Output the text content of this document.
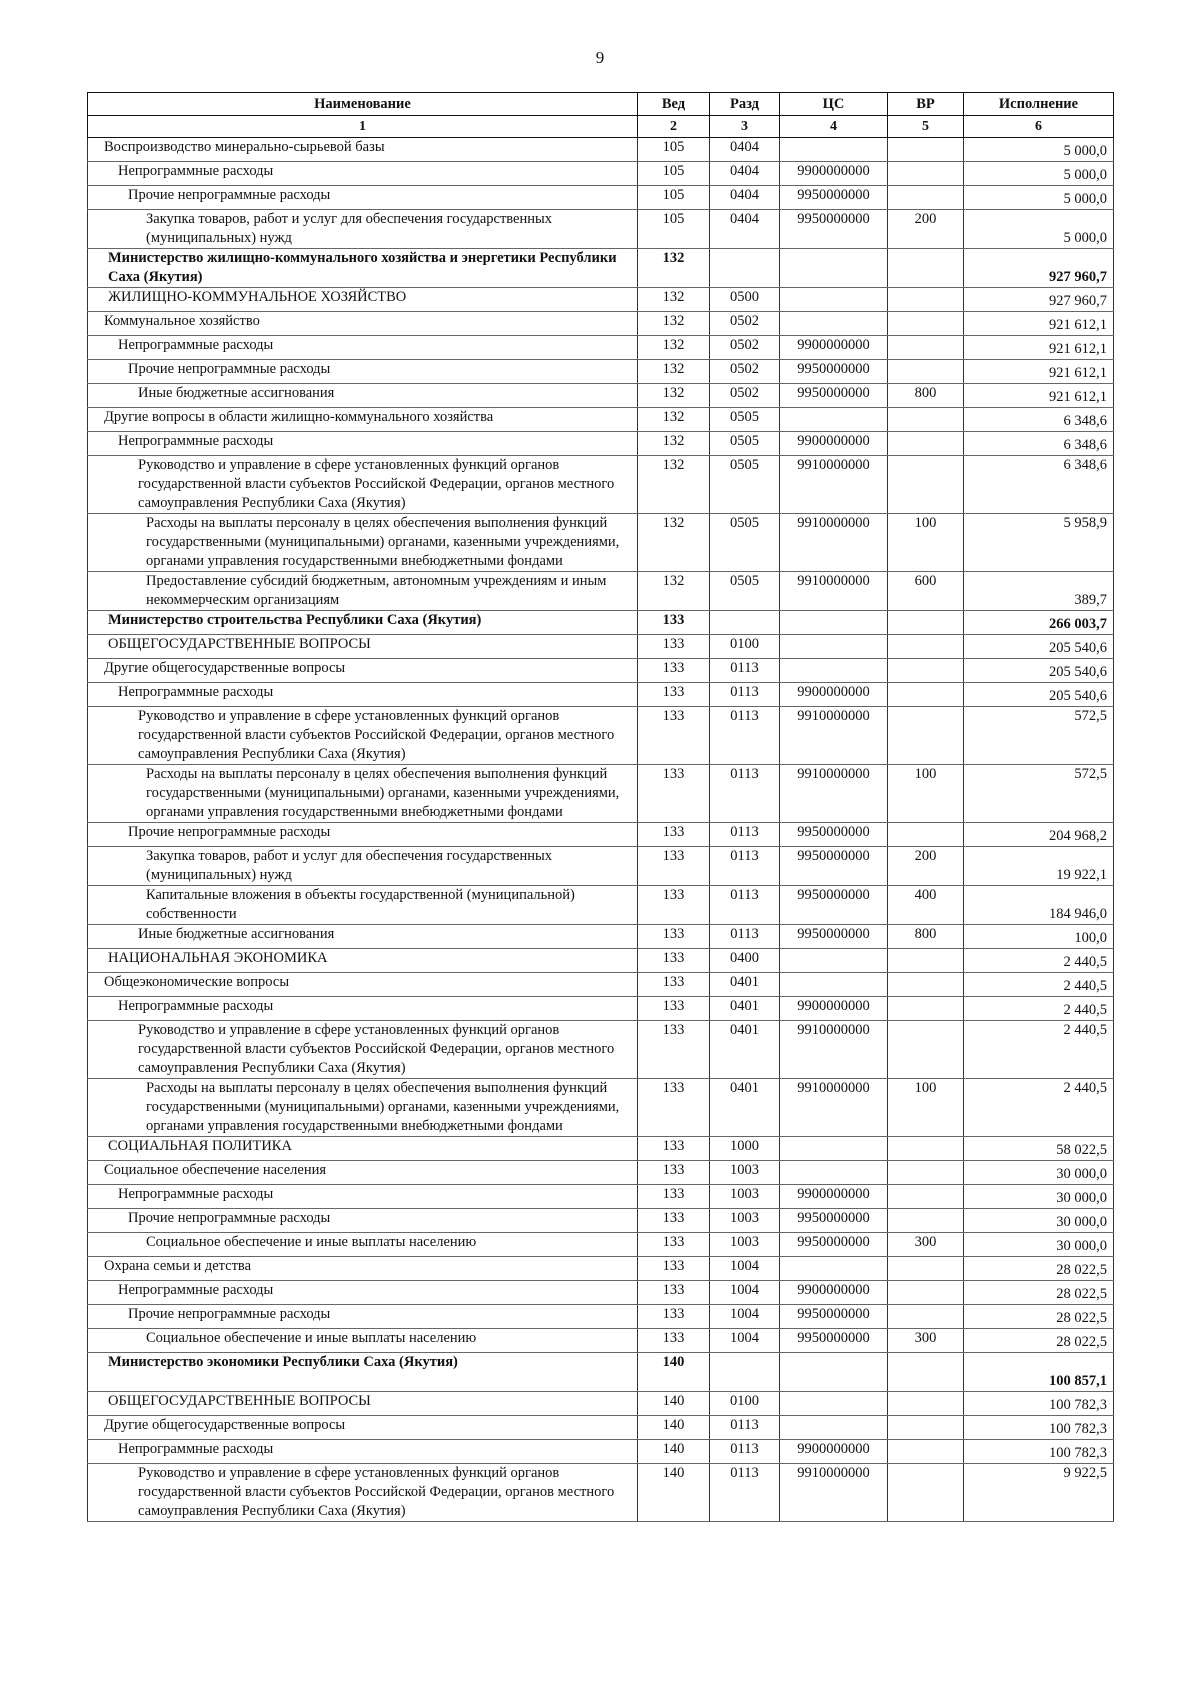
9
Наименование	Вед	Разд	ЦС	ВР	Исполнение
1	2	3	4	5	6
Воспроизводство минерально-сырьевой базы	105	0404			5 000,0
Непрограммные расходы	105	0404	9900000000		5 000,0
Прочие непрограммные расходы	105	0404	9950000000		5 000,0
Закупка товаров, работ и услуг для обеспечения государственных (муниципальных) нужд	105	0404	9950000000	200	5 000,0
Министерство жилищно-коммунального хозяйства и энергетики Республики Саха (Якутия)	132				927 960,7
ЖИЛИЩНО-КОММУНАЛЬНОЕ ХОЗЯЙСТВО	132	0500			927 960,7
Коммунальное хозяйство	132	0502			921 612,1
Непрограммные расходы	132	0502	9900000000		921 612,1
Прочие непрограммные расходы	132	0502	9950000000		921 612,1
Иные бюджетные ассигнования	132	0502	9950000000	800	921 612,1
Другие вопросы в области жилищно-коммунального хозяйства	132	0505			6 348,6
Непрограммные расходы	132	0505	9900000000		6 348,6
Руководство и управление в сфере установленных функций органов государственной власти субъектов Российской Федерации, органов местного самоуправления Республики Саха (Якутия)	132	0505	9910000000		6 348,6
Расходы на выплаты персоналу в целях обеспечения выполнения функций государственными (муниципальными) органами, казенными учреждениями, органами управления государственными внебюджетными фондами	132	0505	9910000000	100	5 958,9
Предоставление субсидий бюджетным, автономным учреждениям и иным некоммерческим организациям	132	0505	9910000000	600	389,7
Министерство строительства Республики Саха (Якутия)	133				266 003,7
ОБЩЕГОСУДАРСТВЕННЫЕ ВОПРОСЫ	133	0100			205 540,6
Другие общегосударственные вопросы	133	0113			205 540,6
Непрограммные расходы	133	0113	9900000000		205 540,6
Руководство и управление в сфере установленных функций органов государственной власти субъектов Российской Федерации, органов местного самоуправления Республики Саха (Якутия)	133	0113	9910000000		572,5
Расходы на выплаты персоналу в целях обеспечения выполнения функций государственными (муниципальными) органами, казенными учреждениями, органами управления государственными внебюджетными фондами	133	0113	9910000000	100	572,5
Прочие непрограммные расходы	133	0113	9950000000		204 968,2
Закупка товаров, работ и услуг для обеспечения государственных (муниципальных) нужд	133	0113	9950000000	200	19 922,1
Капитальные вложения в объекты государственной (муниципальной) собственности	133	0113	9950000000	400	184 946,0
Иные бюджетные ассигнования	133	0113	9950000000	800	100,0
НАЦИОНАЛЬНАЯ ЭКОНОМИКА	133	0400			2 440,5
Общеэкономические вопросы	133	0401			2 440,5
Непрограммные расходы	133	0401	9900000000		2 440,5
Руководство и управление в сфере установленных функций органов государственной власти субъектов Российской Федерации, органов местного самоуправления Республики Саха (Якутия)	133	0401	9910000000		2 440,5
Расходы на выплаты персоналу в целях обеспечения выполнения функций государственными (муниципальными) органами, казенными учреждениями, органами управления государственными внебюджетными фондами	133	0401	9910000000	100	2 440,5
СОЦИАЛЬНАЯ ПОЛИТИКА	133	1000			58 022,5
Социальное обеспечение населения	133	1003			30 000,0
Непрограммные расходы	133	1003	9900000000		30 000,0
Прочие непрограммные расходы	133	1003	9950000000		30 000,0
Социальное обеспечение и иные выплаты населению	133	1003	9950000000	300	30 000,0
Охрана семьи и детства	133	1004			28 022,5
Непрограммные расходы	133	1004	9900000000		28 022,5
Прочие непрограммные расходы	133	1004	9950000000		28 022,5
Социальное обеспечение и иные выплаты населению	133	1004	9950000000	300	28 022,5
Министерство экономики Республики Саха (Якутия)	140				100 857,1
ОБЩЕГОСУДАРСТВЕННЫЕ ВОПРОСЫ	140	0100			100 782,3
Другие общегосударственные вопросы	140	0113			100 782,3
Непрограммные расходы	140	0113	9900000000		100 782,3
Руководство и управление в сфере установленных функций органов государственной власти субъектов Российской Федерации, органов местного самоуправления Республики Саха (Якутия)	140	0113	9910000000		9 922,5
